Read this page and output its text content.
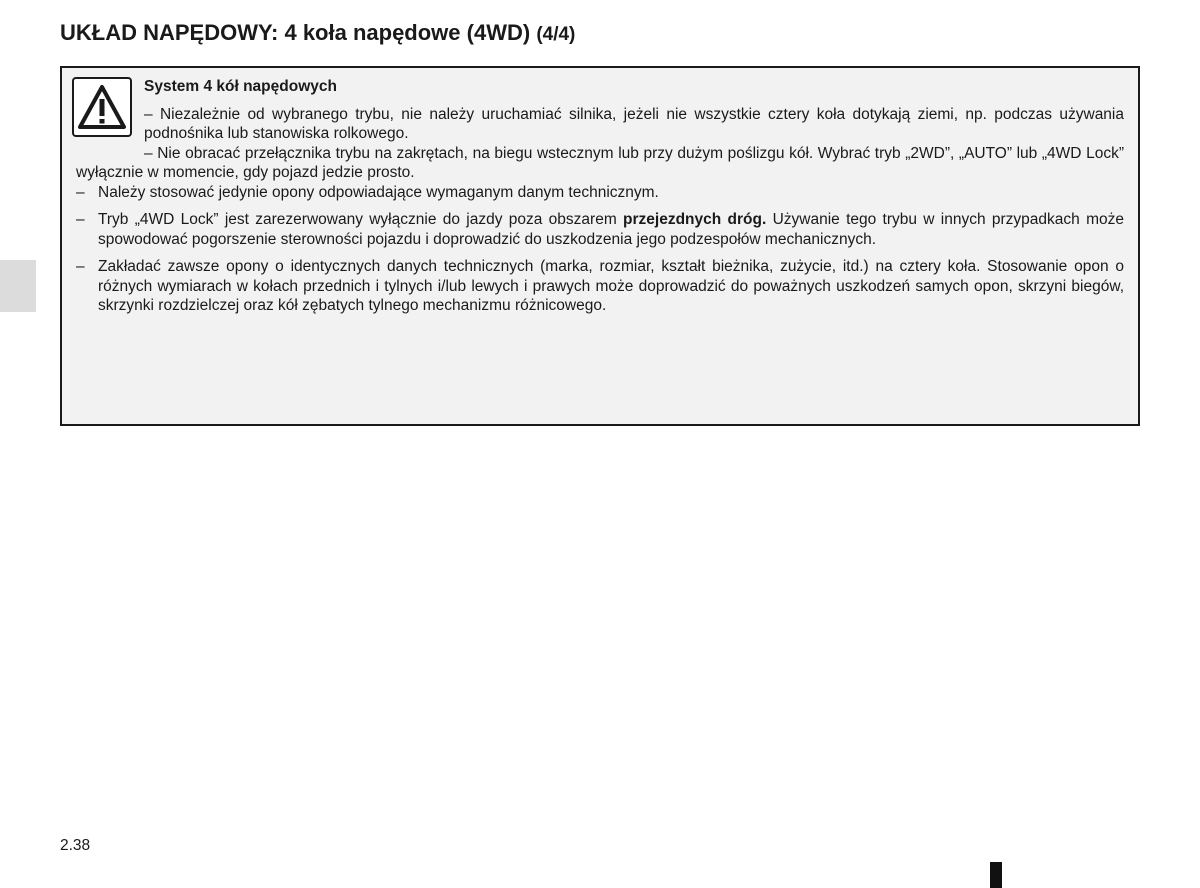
UKŁAD NAPĘDOWY: 4 koła napędowe (4WD) (4/4)

System 4 kół napędowych

– Niezależnie od wybranego trybu, nie należy uruchamiać silnika, jeżeli nie wszystkie cztery koła dotykają ziemi, np. podczas używania podnośnika lub stanowiska rolkowego.

– Nie obracać przełącznika trybu na zakrętach, na biegu wstecznym lub przy dużym poślizgu kół. Wybrać tryb „2WD”, „AUTO” lub „4WD Lock” wyłącznie w momencie, gdy pojazd jedzie prosto.

– Należy stosować jedynie opony odpowiadające wymaganym danym technicznym.
– Tryb „4WD Lock” jest zarezerwowany wyłącznie do jazdy poza obszarem przejezdnych dróg. Używanie tego trybu w innych przypadkach może spowodować pogorszenie sterowności pojazdu i doprowadzić do uszkodzenia jego podzespołów mechanicznych.
– Zakładać zawsze opony o identycznych danych technicznych (marka, rozmiar, kształt bieżnika, zużycie, itd.) na cztery koła. Stosowanie opon o różnych wymiarach w kołach przednich i tylnych i/lub lewych i prawych może doprowadzić do poważnych uszkodzeń samych opon, skrzyni biegów, skrzynki rozdzielczej oraz kół zębatych tylnego mechanizmu różnicowego.
2.38
